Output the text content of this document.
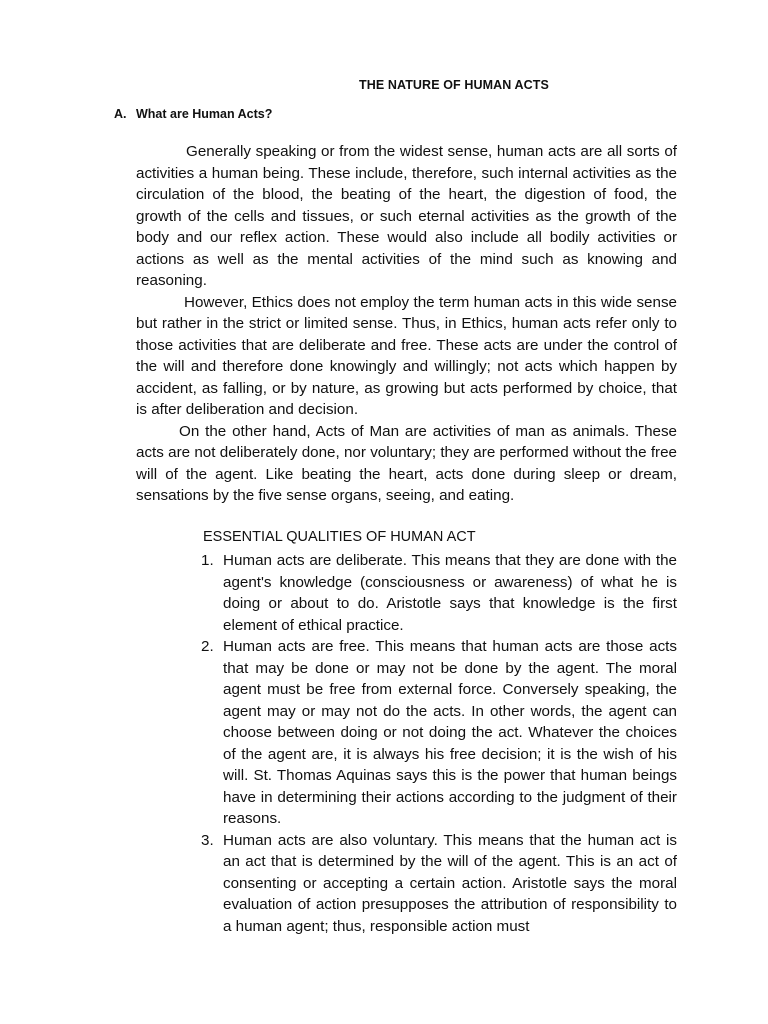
THE NATURE OF HUMAN ACTS
A. What are Human Acts?

Generally speaking or from the widest sense, human acts are all sorts of activities a human being. These include, therefore, such internal activities as the circulation of the blood, the beating of the heart, the digestion of food, the growth of the cells and tissues, or such eternal activities as the growth of the body and our reflex action. These would also include all bodily activities or actions as well as the mental activities of the mind such as knowing and reasoning.

However, Ethics does not employ the term human acts in this wide sense but rather in the strict or limited sense. Thus, in Ethics, human acts refer only to those activities that are deliberate and free. These acts are under the control of the will and therefore done knowingly and willingly; not acts which happen by accident, as falling, or by nature, as growing but acts performed by choice, that is after deliberation and decision.

On the other hand, Acts of Man are activities of man as animals. These acts are not deliberately done, nor voluntary; they are performed without the free will of the agent. Like beating the heart, acts done during sleep or dream, sensations by the five sense organs, seeing, and eating.

ESSENTIAL QUALITIES OF HUMAN ACT
1. Human acts are deliberate. This means that they are done with the agent's knowledge (consciousness or awareness) of what he is doing or about to do. Aristotle says that knowledge is the first element of ethical practice.
2. Human acts are free. This means that human acts are those acts that may be done or may not be done by the agent. The moral agent must be free from external force. Conversely speaking, the agent may or may not do the acts. In other words, the agent can choose between doing or not doing the act. Whatever the choices of the agent are, it is always his free decision; it is the wish of his will. St. Thomas Aquinas says this is the power that human beings have in determining their actions according to the judgment of their reasons.
3. Human acts are also voluntary. This means that the human act is an act that is determined by the will of the agent. This is an act of consenting or accepting a certain action. Aristotle says the moral evaluation of action presupposes the attribution of responsibility to a human agent; thus, responsible action must
